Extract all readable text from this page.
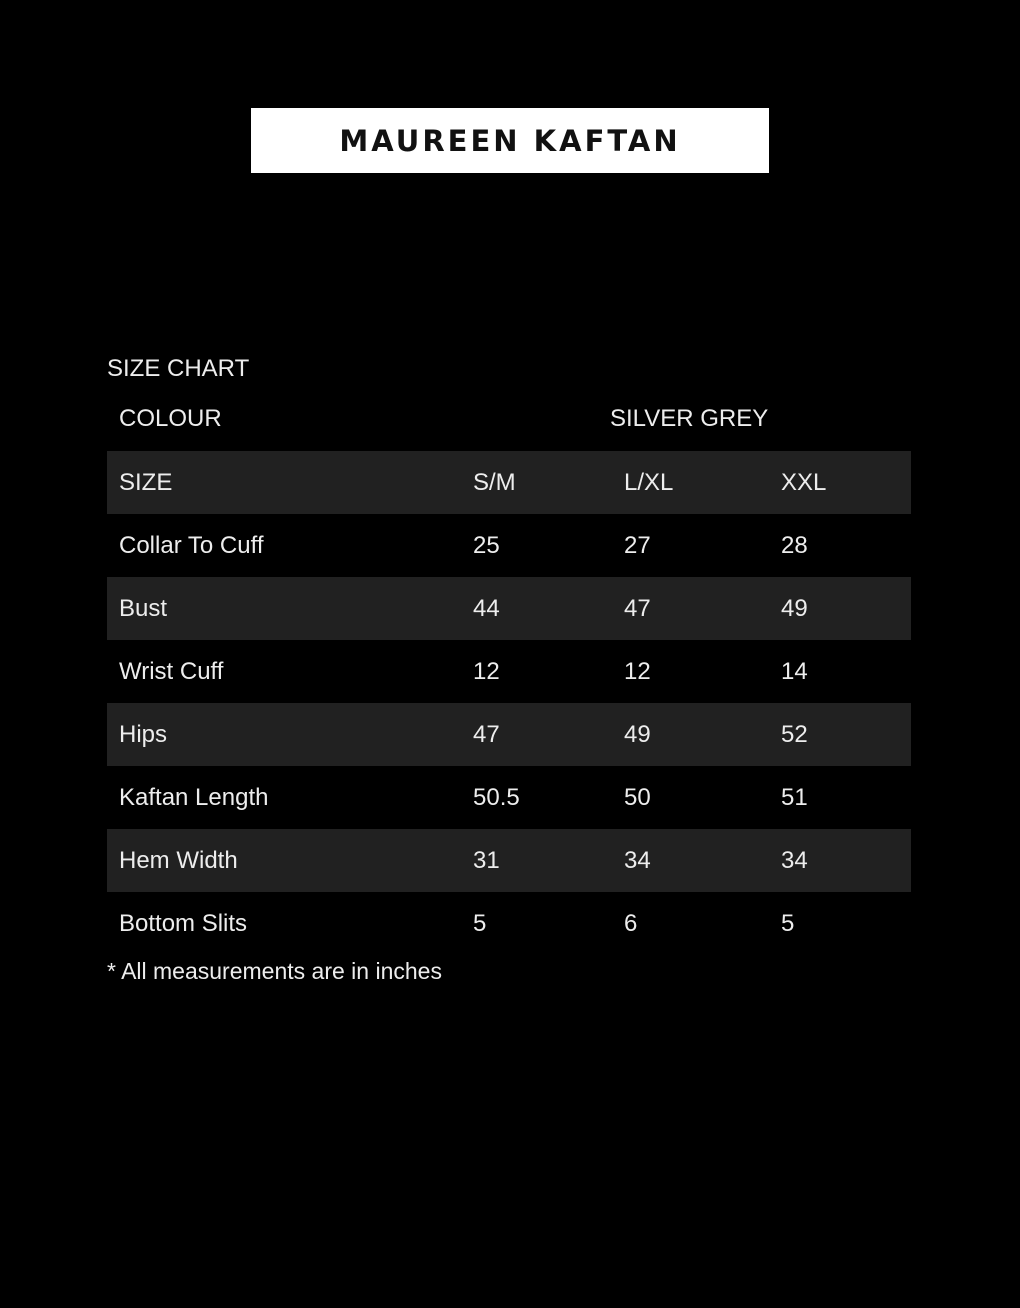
MAUREEN KAFTAN
SIZE CHART
COLOUR	SILVER GREY
SIZE	S/M	L/XL	XXL
Collar To Cuff	25	27	28
Bust	44	47	49
Wrist Cuff	12	12	14
Hips	47	49	52
Kaftan Length	50.5	50	51
Hem Width	31	34	34
Bottom Slits	5	6	5
* All measurements are in inches
